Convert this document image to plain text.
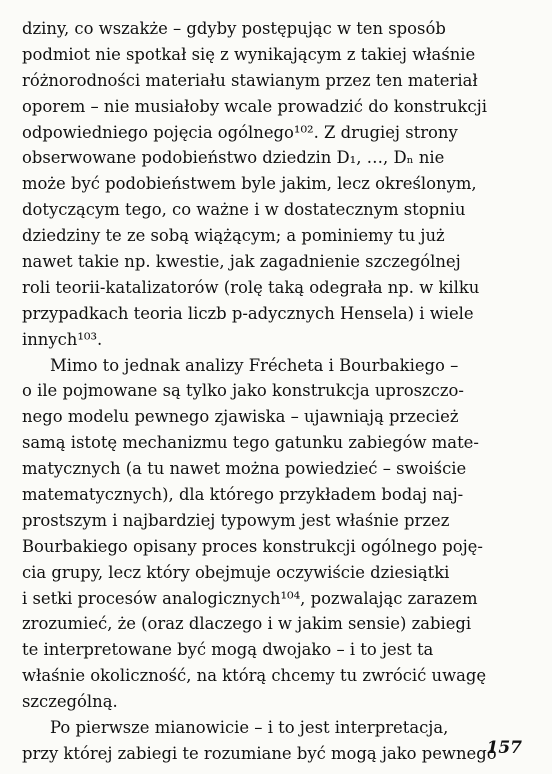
dziny, co wszakże – gdyby postępując w ten sposób
podmiot nie spotkał się z wynikającym z takiej właśnie
różnorodności materiału stawianym przez ten materiał
oporem – nie musiałoby wcale prowadzić do konstrukcji
odpowiedniego pojęcia ogólnego¹⁰². Z drugiej strony
obserwowane podobieństwo dziedzin D₁, …, Dₙ nie
może być podobieństwem byle jakim, lecz określonym,
dotyczącym tego, co ważne i w dostatecznym stopniu
dziedziny te ze sobą wiążącym; a pominiemy tu już
nawet takie np. kwestie, jak zagadnienie szczególnej
roli teorii-katalizatorów (rolę taką odegrała np. w kilku
przypadkach teoria liczb p-adycznych Hensela) i wiele
innych¹⁰³.
Mimo to jednak analizy Frécheta i Bourbakiego –
o ile pojmowane są tylko jako konstrukcja uproszczo-
nego modelu pewnego zjawiska – ujawniają przecież
samą istotę mechanizmu tego gatunku zabiegów mate-
matycznych (a tu nawet można powiedzieć – swoiście
matematycznych), dla którego przykładem bodaj naj-
prostszym i najbardziej typowym jest właśnie przez
Bourbakiego opisany proces konstrukcji ogólnego poję-
cia grupy, lecz który obejmuje oczywiście dziesiątki
i setki procesów analogicznych¹⁰⁴, pozwalając zarazem
zrozumieć, że (oraz dlaczego i w jakim sensie) zabiegi
te interpretowane być mogą dwojako – i to jest ta
właśnie okoliczność, na którą chcemy tu zwrócić uwagę
szczególną.
Po pierwsze mianowicie – i to jest interpretacja,
przy której zabiegi te rozumiane być mogą jako pewnego
157
